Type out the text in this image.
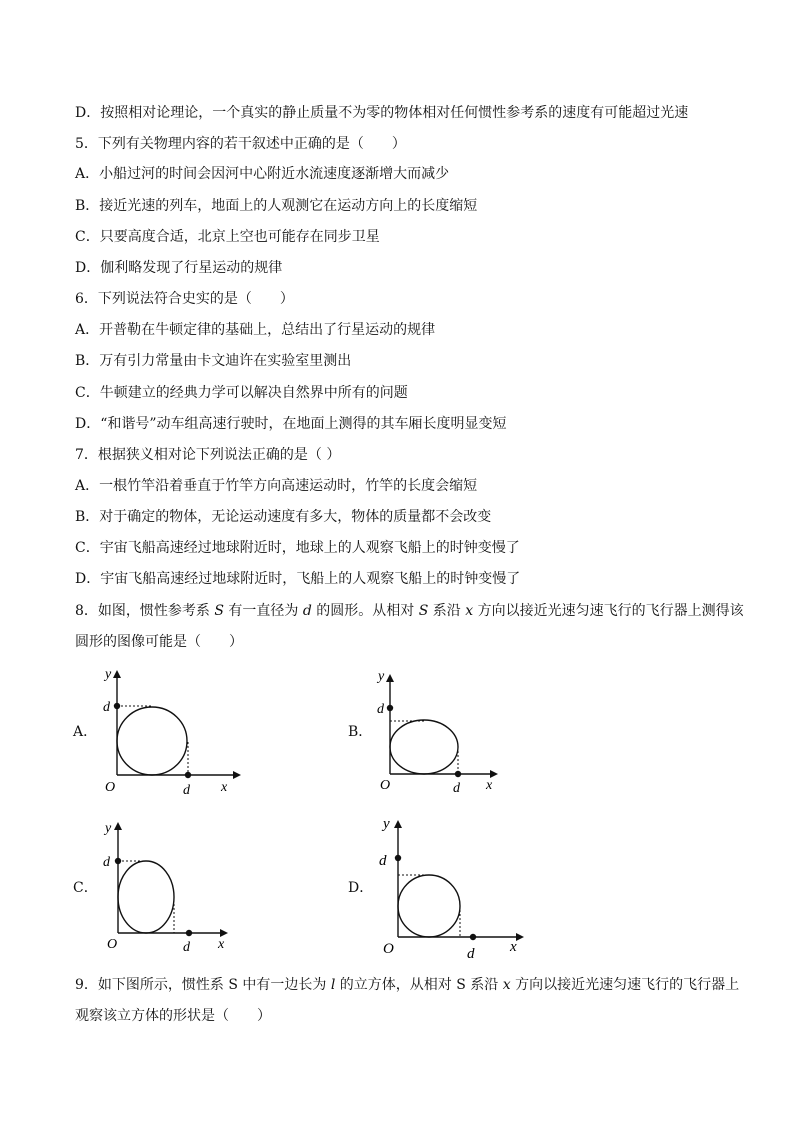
D．按照相对论理论，一个真实的静止质量不为零的物体相对任何惯性参考系的速度有可能超过光速
5．下列有关物理内容的若干叙述中正确的是（　　）
A．小船过河的时间会因河中心附近水流速度逐渐增大而减少
B．接近光速的列车，地面上的人观测它在运动方向上的长度缩短
C．只要高度合适，北京上空也可能存在同步卫星
D．伽利略发现了行星运动的规律
6．下列说法符合史实的是（　　）
A．开普勒在牛顿定律的基础上，总结出了行星运动的规律
B．万有引力常量由卡文迪许在实验室里测出
C．牛顿建立的经典力学可以解决自然界中所有的问题
D．“和谐号”动车组高速行驶时，在地面上测得的其车厢长度明显变短
7．根据狭义相对论下列说法正确的是（ ）
A．一根竹竿沿着垂直于竹竿方向高速运动时，竹竿的长度会缩短
B．对于确定的物体，无论运动速度有多大，物体的质量都不会改变
C．宇宙飞船高速经过地球附近时，地球上的人观察飞船上的时钟变慢了
D．宇宙飞船高速经过地球附近时，飞船上的人观察飞船上的时钟变慢了
8．如图，惯性参考系 S 有一直径为 d 的圆形。从相对 S 系沿 x 方向以接近光速匀速飞行的飞行器上测得该
圆形的图像可能是（　　）
A．
y
d
O	d x
B．
y
d
O	d x
C．
y
d
O	d x
D．
y
d
O	d x
9．如下图所示，惯性系 S 中有一边长为 l 的立方体，从相对 S 系沿 x 方向以接近光速匀速飞行的飞行器上
观察该立方体的形状是（　　）
